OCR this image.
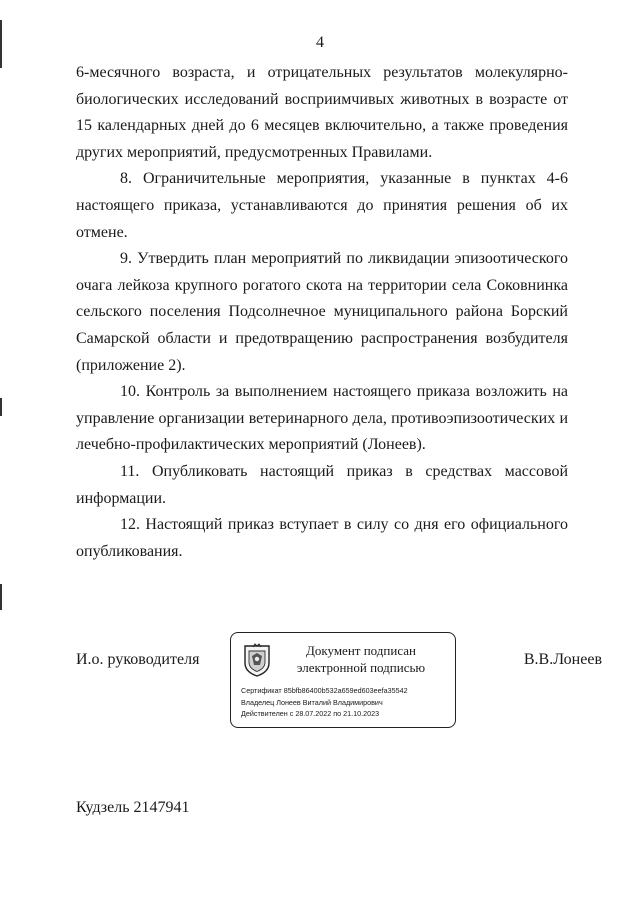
4

6-месячного возраста, и отрицательных результатов молекулярно-биологических исследований восприимчивых животных в возрасте от 15 календарных дней до 6 месяцев включительно, а также проведения других мероприятий, предусмотренных Правилами.

8. Ограничительные мероприятия, указанные в пунктах 4-6 настоящего приказа, устанавливаются до принятия решения об их отмене.

9. Утвердить план мероприятий по ликвидации эпизоотического очага лейкоза крупного рогатого скота на территории села Соковнинка сельского поселения Подсолнечное муниципального района Борский Самарской области и предотвращению распространения возбудителя (приложение 2).

10. Контроль за выполнением настоящего приказа возложить на управление организации ветеринарного дела, противоэпизоотических и лечебно-профилактических мероприятий (Лонеев).

11. Опубликовать настоящий приказ в средствах массовой информации.

12. Настоящий приказ вступает в силу со дня его официального опубликования.

И.о. руководителя
Документ подписан
электронной подписью
Сертификат 85bfb86400b532a659ed603eefa35542
Владелец Лонеев Виталий Владимирович
Действителен с 28.07.2022 по 21.10.2023
В.В.Лонеев
Кудзель 2147941
